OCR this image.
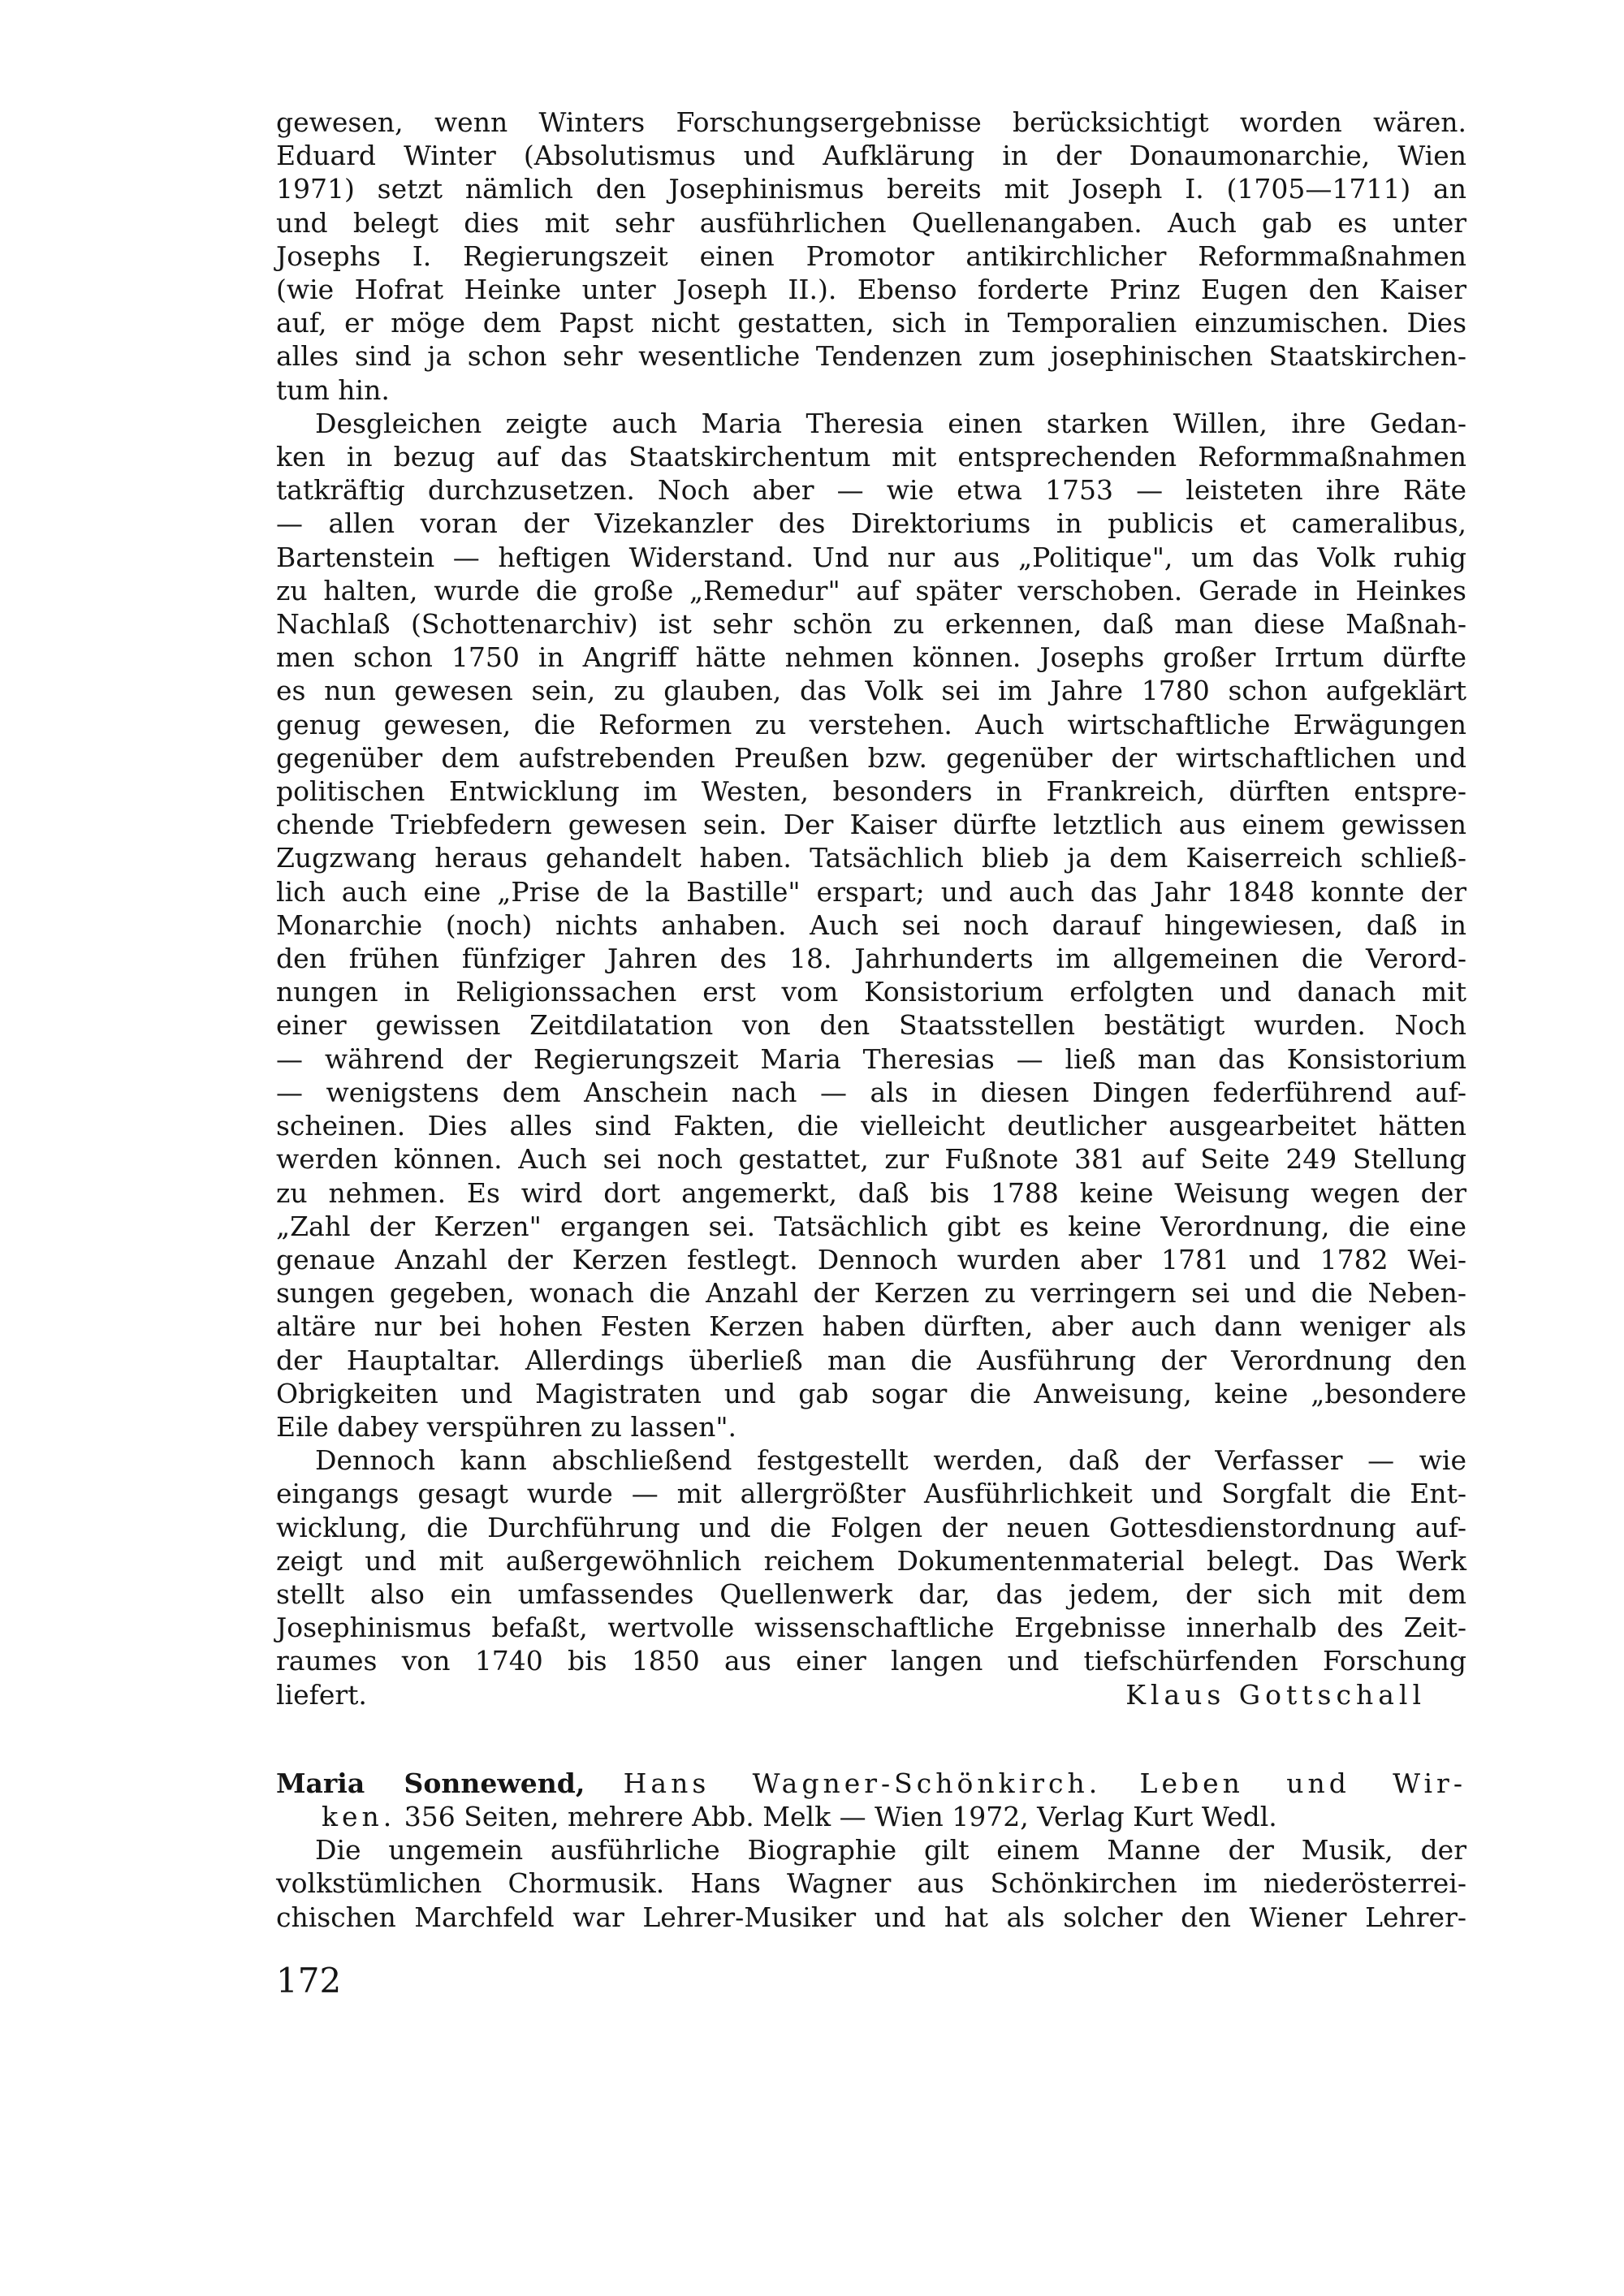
gewesen, wenn Winters Forschungsergebnisse berücksichtigt worden wären.

Eduard Winter (Absolutismus und Aufklärung in der Donaumonarchie, Wien

1971) setzt nämlich den Josephinismus bereits mit Joseph I. (1705—1711) an

und belegt dies mit sehr ausführlichen Quellenangaben. Auch gab es unter

Josephs I. Regierungszeit einen Promotor antikirchlicher Reformmaßnahmen

(wie Hofrat Heinke unter Joseph II.). Ebenso forderte Prinz Eugen den Kaiser

auf, er möge dem Papst nicht gestatten, sich in Temporalien einzumischen. Dies

alles sind ja schon sehr wesentliche Tendenzen zum josephinischen Staatskirchen-

tum hin.

Desgleichen zeigte auch Maria Theresia einen starken Willen, ihre Gedan-

ken in bezug auf das Staatskirchentum mit entsprechenden Reformmaßnahmen

tatkräftig durchzusetzen. Noch aber — wie etwa 1753 — leisteten ihre Räte

— allen voran der Vizekanzler des Direktoriums in publicis et cameralibus,

Bartenstein — heftigen Widerstand. Und nur aus „Politique", um das Volk ruhig

zu halten, wurde die große „Remedur" auf später verschoben. Gerade in Heinkes

Nachlaß (Schottenarchiv) ist sehr schön zu erkennen, daß man diese Maßnah-

men schon 1750 in Angriff hätte nehmen können. Josephs großer Irrtum dürfte

es nun gewesen sein, zu glauben, das Volk sei im Jahre 1780 schon aufgeklärt

genug gewesen, die Reformen zu verstehen. Auch wirtschaftliche Erwägungen

gegenüber dem aufstrebenden Preußen bzw. gegenüber der wirtschaftlichen und

politischen Entwicklung im Westen, besonders in Frankreich, dürften entspre-

chende Triebfedern gewesen sein. Der Kaiser dürfte letztlich aus einem gewissen

Zugzwang heraus gehandelt haben. Tatsächlich blieb ja dem Kaiserreich schließ-

lich auch eine „Prise de la Bastille" erspart; und auch das Jahr 1848 konnte der

Monarchie (noch) nichts anhaben. Auch sei noch darauf hingewiesen, daß in

den frühen fünfziger Jahren des 18. Jahrhunderts im allgemeinen die Verord-

nungen in Religionssachen erst vom Konsistorium erfolgten und danach mit

einer gewissen Zeitdilatation von den Staatsstellen bestätigt wurden. Noch

— während der Regierungszeit Maria Theresias — ließ man das Konsistorium

— wenigstens dem Anschein nach — als in diesen Dingen federführend auf-

scheinen. Dies alles sind Fakten, die vielleicht deutlicher ausgearbeitet hätten

werden können. Auch sei noch gestattet, zur Fußnote 381 auf Seite 249 Stellung

zu nehmen. Es wird dort angemerkt, daß bis 1788 keine Weisung wegen der

„Zahl der Kerzen" ergangen sei. Tatsächlich gibt es keine Verordnung, die eine

genaue Anzahl der Kerzen festlegt. Dennoch wurden aber 1781 und 1782 Wei-

sungen gegeben, wonach die Anzahl der Kerzen zu verringern sei und die Neben-

altäre nur bei hohen Festen Kerzen haben dürften, aber auch dann weniger als

der Hauptaltar. Allerdings überließ man die Ausführung der Verordnung den

Obrigkeiten und Magistraten und gab sogar die Anweisung, keine „besondere

Eile dabey verspühren zu lassen".

Dennoch kann abschließend festgestellt werden, daß der Verfasser — wie

eingangs gesagt wurde — mit allergrößter Ausführlichkeit und Sorgfalt die Ent-

wicklung, die Durchführung und die Folgen der neuen Gottesdienstordnung auf-

zeigt und mit außergewöhnlich reichem Dokumentenmaterial belegt. Das Werk

stellt also ein umfassendes Quellenwerk dar, das jedem, der sich mit dem

Josephinismus befaßt, wertvolle wissenschaftliche Ergebnisse innerhalb des Zeit-

raumes von 1740 bis 1850 aus einer langen und tiefschürfenden Forschung

liefert.	Klaus Gottschall
Maria Sonnewend, Hans Wagner-Schönkirch. Leben und Wir-
ken. 356 Seiten, mehrere Abb. Melk — Wien 1972, Verlag Kurt Wedl.

Die ungemein ausführliche Biographie gilt einem Manne der Musik, der

volkstümlichen Chormusik. Hans Wagner aus Schönkirchen im niederösterrei-

chischen Marchfeld war Lehrer-Musiker und hat als solcher den Wiener Lehrer-

172
